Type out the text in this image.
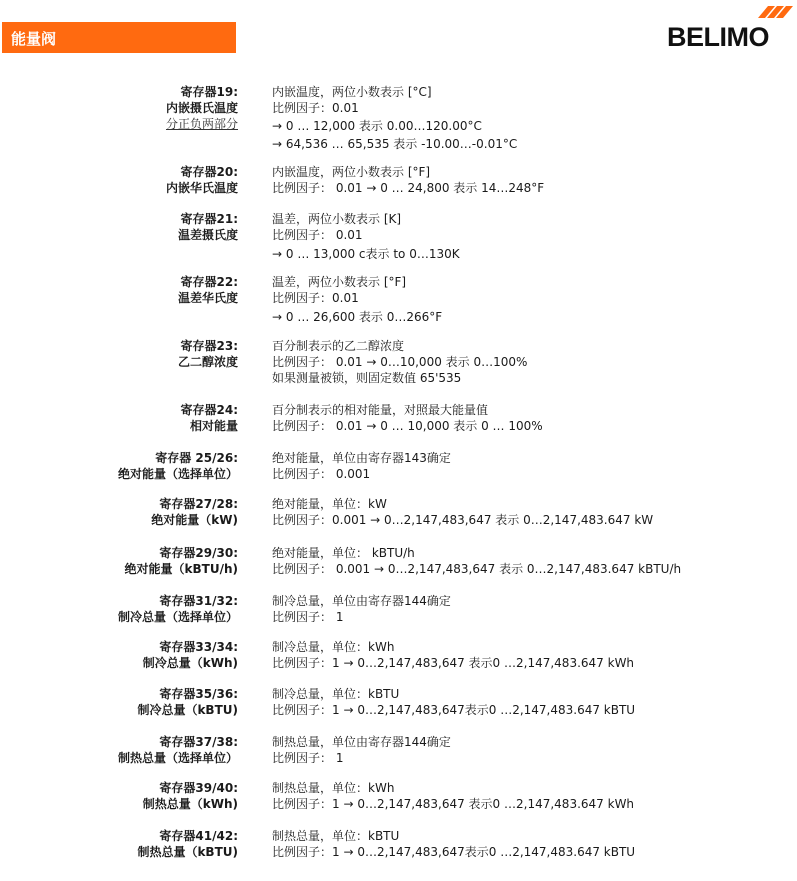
能量阀	BELIMO
寄存器19:
内嵌摄氏温度
分正负两部分
内嵌温度，两位小数表示 [°C]
比例因子：0.01
→ 0 … 12,000 表示 0.00…120.00°C
→ 64,536 … 65,535 表示 -10.00…-0.01°C
寄存器20:
内嵌华氏温度
内嵌温度，两位小数表示 [°F]
比例因子： 0.01 → 0 … 24,800 表示 14…248°F
寄存器21:
温差摄氏度
温差，两位小数表示 [K]
比例因子： 0.01
→ 0 … 13,000 c表示 to 0…130K
寄存器22:
温差华氏度
温差，两位小数表示 [°F]
比例因子：0.01
→ 0 … 26,600 表示 0…266°F
寄存器23:
乙二醇浓度
百分制表示的乙二醇浓度
比例因子： 0.01 → 0…10,000 表示 0…100%
如果测量被锁，则固定数值 65'535
寄存器24:
相对能量
百分制表示的相对能量，对照最大能量值
比例因子： 0.01 → 0 … 10,000 表示 0 … 100%
寄存器 25/26:
绝对能量（选择单位）
绝对能量，单位由寄存器143确定
比例因子： 0.001
寄存器27/28:
绝对能量（kW)
绝对能量，单位：kW
比例因子：0.001 → 0…2,147,483,647 表示 0…2,147,483.647 kW
寄存器29/30:
绝对能量（kBTU/h)
绝对能量，单位： kBTU/h
比例因子： 0.001 → 0…2,147,483,647 表示 0…2,147,483.647 kBTU/h
寄存器31/32:
制冷总量（选择单位）
制冷总量，单位由寄存器144确定
比例因子： 1
寄存器33/34:
制冷总量（kWh)
制冷总量，单位：kWh
比例因子：1 → 0…2,147,483,647 表示0 …2,147,483.647 kWh
寄存器35/36:
制冷总量（kBTU)
制冷总量，单位：kBTU
比例因子：1 → 0…2,147,483,647表示0 …2,147,483.647 kBTU
寄存器37/38:
制热总量（选择单位）
制热总量，单位由寄存器144确定
比例因子： 1
寄存器39/40:
制热总量（kWh)
制热总量，单位：kWh
比例因子：1 → 0…2,147,483,647 表示0 …2,147,483.647 kWh
寄存器41/42:
制热总量（kBTU)
制热总量，单位：kBTU
比例因子：1 → 0…2,147,483,647表示0 …2,147,483.647 kBTU
